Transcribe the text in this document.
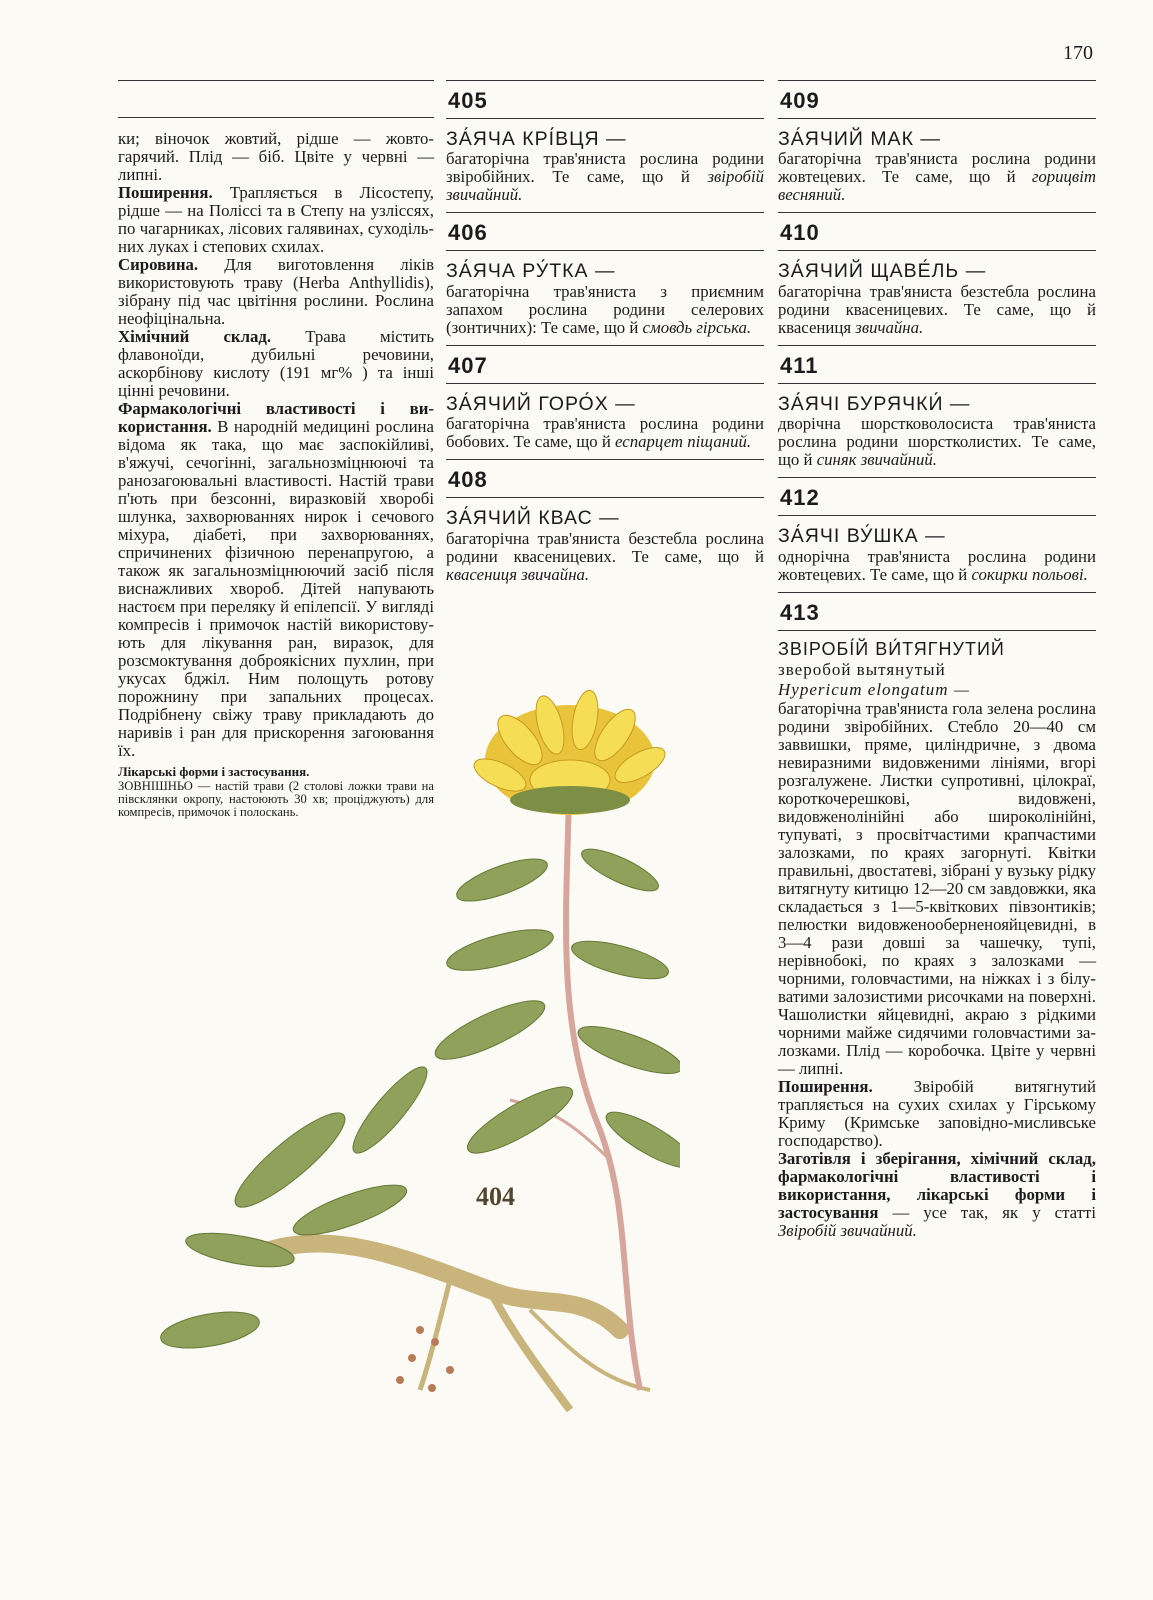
170
ки; віночок жовтий, рідше — жовтогарячий. Плід — біб. Цвіте у червні — липні.
Поширення. Трапляється в Лісостепу, рідше — на Поліссі та в Степу на узліссях, по чагарниках, лісових галявинах, суходільних луках і степових схилах.
Сировина. Для виготовлення ліків використовують траву (Herba Anthyllidis), зібрану під час цвітіння рослини. Рослина неофіцінальна.
Хімічний склад. Трава містить флавоноїди, дубильні речовини, аскорбінову кислоту (191 мг% ) та інші цінні речовини.
Фармакологічні властивості і використання. В народній медицині рослина відома як така, що має заспокійливі, в'яжучі, сечогінні, загальнозміцнюючі та ранозагоювальні властивості. Настій трави п'ють при безсонні, виразковій хворобі шлунка, захворюваннях нирок і сечового міхура, діабеті, при захворюваннях, спричинених фізичною перенапругою, а також як загальнозміцнюючий засіб після виснажливих хвороб. Дітей напувають настоєм при переляку й епілепсії. У вигляді компресів і примочок настій використовують для лікування ран, виразок, для розсмоктування доброякісних пухлин, при укусах бджіл. Ним полощуть ротову порожнину при запальних процесах. Подрібнену свіжу траву прикладають до наривів і ран для прискорення загоювання їх.
Лікарські форми і застосування.
ЗОВНІШНЬО — настій трави (2 столові ложки трави на півсклянки окропу, настоюють 30 хв; проціджують) для компресів, примочок і полоскань.
405
ЗА́ЯЧА КРІ́ВЦЯ —
багаторічна трав'яниста рослина родини звіробійних. Те саме, що й звіробій звичайний.
406
ЗА́ЯЧА РУ́ТКА —
багаторічна трав'яниста з приємним запахом рослина родини селерових (зонтичних): Те саме, що й смовдь гірська.
407
ЗА́ЯЧИЙ ГОРО́Х —
багаторічна трав'яниста рослина родини бобових. Те саме, що й еспарцет піщаний.
408
ЗА́ЯЧИЙ КВАС —
багаторічна трав'яниста безстебла рослина родини квасеницевих. Те саме, що й квасениця звичайна.
409
ЗА́ЯЧИЙ МАК —
багаторічна трав'яниста рослина родини жовтецевих. Те саме, що й горицвіт весняний.
410
ЗА́ЯЧИЙ ЩАВЕ́ЛЬ —
багаторічна трав'яниста безстебла рослина родини квасеницевих. Те саме, що й квасениця звичайна.
411
ЗА́ЯЧІ БУРЯЧКИ́ —
дворічна шорстковолосиста трав'яниста рослина родини шорстколистих. Те саме, що й синяк звичайний.
412
ЗА́ЯЧІ ВУ́ШКА —
однорічна трав'яниста рослина родини жовтецевих. Те саме, що й сокирки польові.
413
ЗВІРОБІ́Й ВИ́ТЯГНУТИЙ
зверобой вытянутый
Hypericum elongatum —
багаторічна трав'яниста гола зелена рослина родини звіробійних. Стебло 20—40 см заввишки, пряме, циліндричне, з двома невиразними видовженими лініями, вгорі розгалужене. Листки супротивні, цілокраї, короткочерешкові, видовжені, видовженолінійні або широколінійні, тупуваті, з просвітчастими крапчастими залозками, по краях загорнуті. Квітки правильні, двостатеві, зібрані у вузьку рідку витягнуту китицю 12—20 см завдовжки, яка складається з 1—5-квіткових півзонтиків; пелюстки видовженооберненояйцевидні, в 3—4 рази довші за чашечку, тупі, нерівнобокі, по краях з залозками — чорними, головчастими, на ніжках і з білуватими залозистими рисочками на поверхні. Чашолистки яйцевидні, акраю з рідкими чорними майже сидячими головчастими залозками. Плід — коробочка. Цвіте у червні — липні.
Поширення. Звіробій витягнутий трапляється на сухих схилах у Гірському Криму (Кримське заповідно-мисливське господарство).
Заготівля і зберігання, хімічний склад, фармакологічні властивості і використання, лікарські форми і застосування — усе так, як у статті Звіробій звичайний.
404
